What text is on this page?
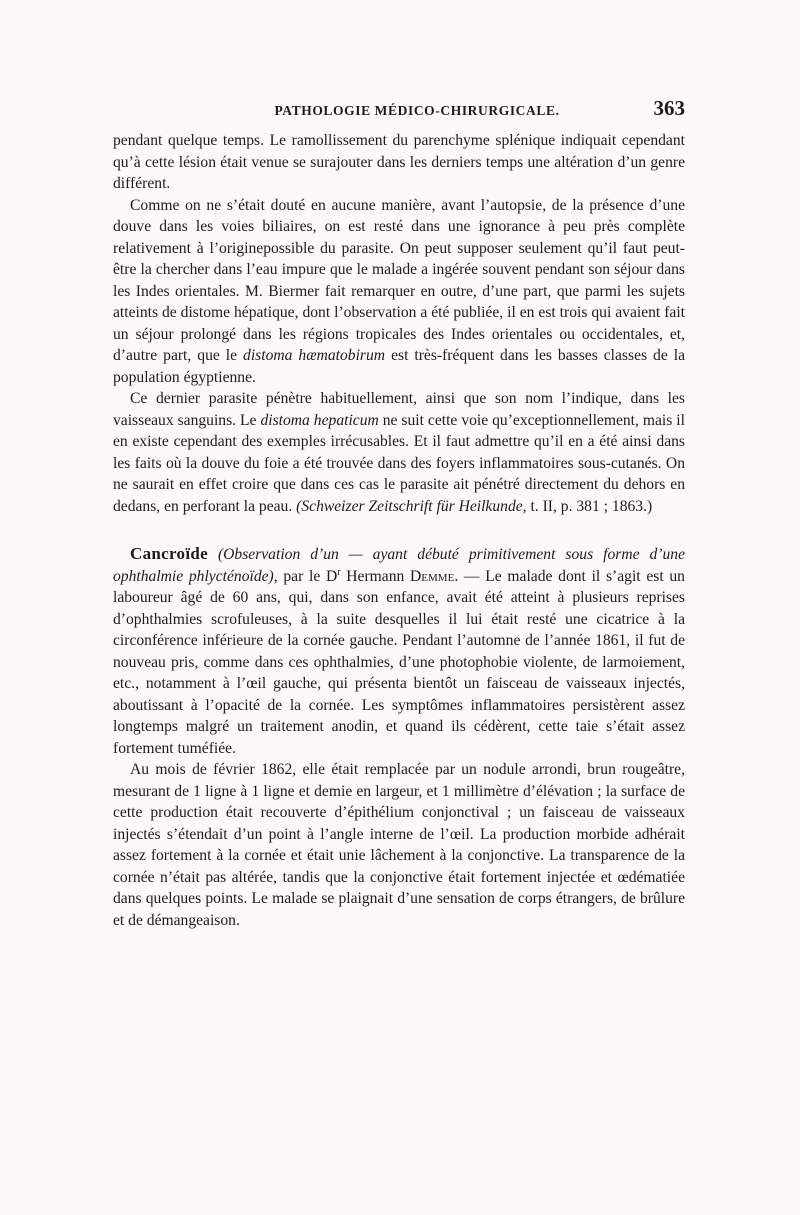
PATHOLOGIE MÉDICO-CHIRURGICALE.	363

pendant quelque temps. Le ramollissement du parenchyme splénique indiquait cependant qu’à cette lésion était venue se surajouter dans les derniers temps une altération d’un genre différent.

Comme on ne s’était douté en aucune manière, avant l’autopsie, de la présence d’une douve dans les voies biliaires, on est resté dans une ignorance à peu près complète relativement à l’originepossible du parasite. On peut supposer seulement qu’il faut peut-être la chercher dans l’eau impure que le malade a ingérée souvent pendant son séjour dans les Indes orientales. M. Biermer fait remarquer en outre, d’une part, que parmi les sujets atteints de distome hépatique, dont l’observation a été publiée, il en est trois qui avaient fait un séjour prolongé dans les régions tropicales des Indes orientales ou occidentales, et, d’autre part, que le distoma hæmatobirum est très-fréquent dans les basses classes de la population égyptienne.

Ce dernier parasite pénètre habituellement, ainsi que son nom l’indique, dans les vaisseaux sanguins. Le distoma hepaticum ne suit cette voie qu’exceptionnellement, mais il en existe cependant des exemples irrécusables. Et il faut admettre qu’il en a été ainsi dans les faits où la douve du foie a été trouvée dans des foyers inflammatoires sous-cutanés. On ne saurait en effet croire que dans ces cas le parasite ait pénétré directement du dehors en dedans, en perforant la peau. (Schweizer Zeitschrift für Heilkunde, t. II, p. 381 ; 1863.)

Cancroïde (Observation d’un — ayant débuté primitivement sous forme d’une ophthalmie phlycténoïde), par le $D^r$ Hermann Demme. — Le malade dont il s’agit est un laboureur âgé de 60 ans, qui, dans son enfance, avait été atteint à plusieurs reprises d’ophthalmies scrofuleuses, à la suite desquelles il lui était resté une cicatrice à la circonférence inférieure de la cornée gauche. Pendant l’automne de l’année 1861, il fut de nouveau pris, comme dans ces ophthalmies, d’une photophobie violente, de larmoiement, etc., notamment à l’œil gauche, qui présenta bientôt un faisceau de vaisseaux injectés, aboutissant à l’opacité de la cornée. Les symptômes inflammatoires persistèrent assez longtemps malgré un traitement anodin, et quand ils cédèrent, cette taie s’était assez fortement tuméfiée.

Au mois de février 1862, elle était remplacée par un nodule arrondi, brun rougeâtre, mesurant de 1 ligne à 1 ligne et demie en largeur, et 1 millimètre d’élévation ; la surface de cette production était recouverte d’épithélium conjonctival ; un faisceau de vaisseaux injectés s’étendait d’un point à l’angle interne de l’œil. La production morbide adhérait assez fortement à la cornée et était unie lâchement à la conjonctive. La transparence de la cornée n’était pas altérée, tandis que la conjonctive était fortement injectée et œdématiée dans quelques points. Le malade se plaignait d’une sensation de corps étrangers, de brûlure et de démangeaison.
